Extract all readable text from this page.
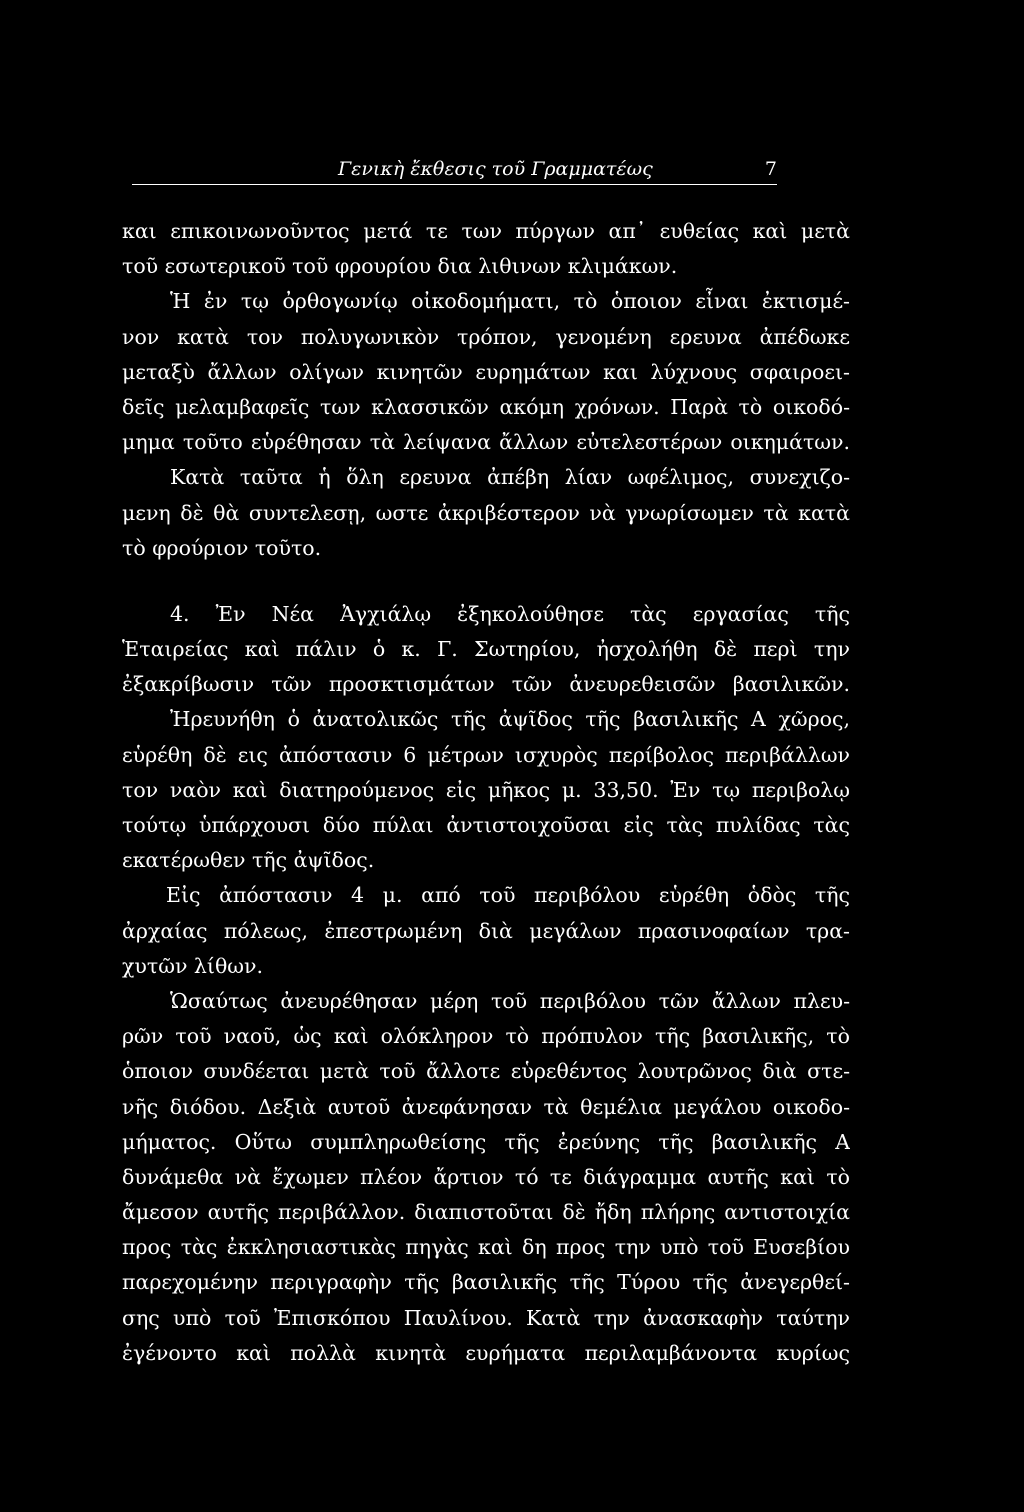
Γενικὴ ἔκθεσις τοῦ Γραμματέως	7
και επικοινωνοῦντος μετά τε των πύργων απ᾽ ευθείας καὶ μετὰ
τοῦ εσωτερικοῦ τοῦ φρουρίου δια λιθινων κλιμάκων.
Ἡ ἐν τῳ ὀρθογωνίῳ οἰκοδομήματι, τὸ ὁποιον εἶναι ἐκτισμέ-
νον κατὰ τον πολυγωνικὸν τρόπον, γενομένη ερευνα ἀπέδωκε
μεταξὺ ἄλλων ολίγων κινητῶν ευρημάτων και λύχνους σφαιροει-
δεῖς μελαμβαφεῖς των κλασσικῶν ακόμη χρόνων. Παρὰ τὸ οικοδό-
μημα τοῦτο εὑρέθησαν τὰ λείψανα ἄλλων εὐτελεστέρων οικημάτων.
Κατὰ ταῦτα ἡ ὅλη ερευνα ἀπέβη λίαν ωφέλιμος, συνεχιζο-
μενη δὲ θὰ συντελεσῃ, ωστε ἀκριβέστερον νὰ γνωρίσωμεν τὰ κατὰ
τὸ φρούριον τοῦτο.
4. Ἐν Νέα Ἀγχιάλῳ ἐξηκολούθησε τὰς εργασίας τῆς
Ἑταιρείας καὶ πάλιν ὁ κ. Γ. Σωτηρίου, ἠσχολήθη δὲ περὶ την
ἐξακρίβωσιν τῶν προσκτισμάτων τῶν ἀνευρεθεισῶν βασιλικῶν.
Ἠρευνήθη ὁ ἀνατολικῶς τῆς ἀψῖδος τῆς βασιλικῆς Α χῶρος,
εὑρέθη δὲ εις ἀπόστασιν 6 μέτρων ισχυρὸς περίβολος περιβάλλων
τον ναὸν καὶ διατηρούμενος εἰς μῆκος μ. 33,50. Ἐν τῳ περιβολῳ
τούτῳ ὑπάρχουσι δύο πύλαι ἀντιστοιχοῦσαι εἰς τὰς πυλίδας τὰς
εκατέρωθεν τῆς ἀψῖδος.
Εἰς ἀπόστασιν 4 μ. από τοῦ περιβόλου εὑρέθη ὁδὸς τῆς
ἀρχαίας πόλεως, ἐπεστρωμένη διὰ μεγάλων πρασινοφαίων τρα-
χυτῶν λίθων.
Ὡσαύτως ἀνευρέθησαν μέρη τοῦ περιβόλου τῶν ἄλλων πλευ-
ρῶν τοῦ ναοῦ, ὡς καὶ ολόκληρον τὸ πρόπυλον τῆς βασιλικῆς, τὸ
ὁποιον συνδέεται μετὰ τοῦ ἄλλοτε εὑρεθέντος λουτρῶνος διὰ στε-
νῆς διόδου. Δεξιὰ αυτοῦ ἀνεφάνησαν τὰ θεμέλια μεγάλου οικοδο-
μήματος. Οὕτω συμπληρωθείσης τῆς ἐρεύνης τῆς βασιλικῆς Α
δυνάμεθα νὰ ἔχωμεν πλέον ἄρτιον τό τε διάγραμμα αυτῆς καὶ τὸ
ἄμεσον αυτῆς περιβάλλον. διαπιστοῦται δὲ ἤδη πλήρης αντιστοιχία
προς τὰς ἐκκλησιαστικὰς πηγὰς καὶ δη προς την υπὸ τοῦ Ευσεβίου
παρεχομένην περιγραφὴν τῆς βασιλικῆς τῆς Τύρου τῆς ἀνεγερθεί-
σης υπὸ τοῦ Ἐπισκόπου Παυλίνου. Κατὰ την ἀνασκαφὴν ταύτην
ἐγένοντο καὶ πολλὰ κινητὰ ευρήματα περιλαμβάνοντα κυρίως
